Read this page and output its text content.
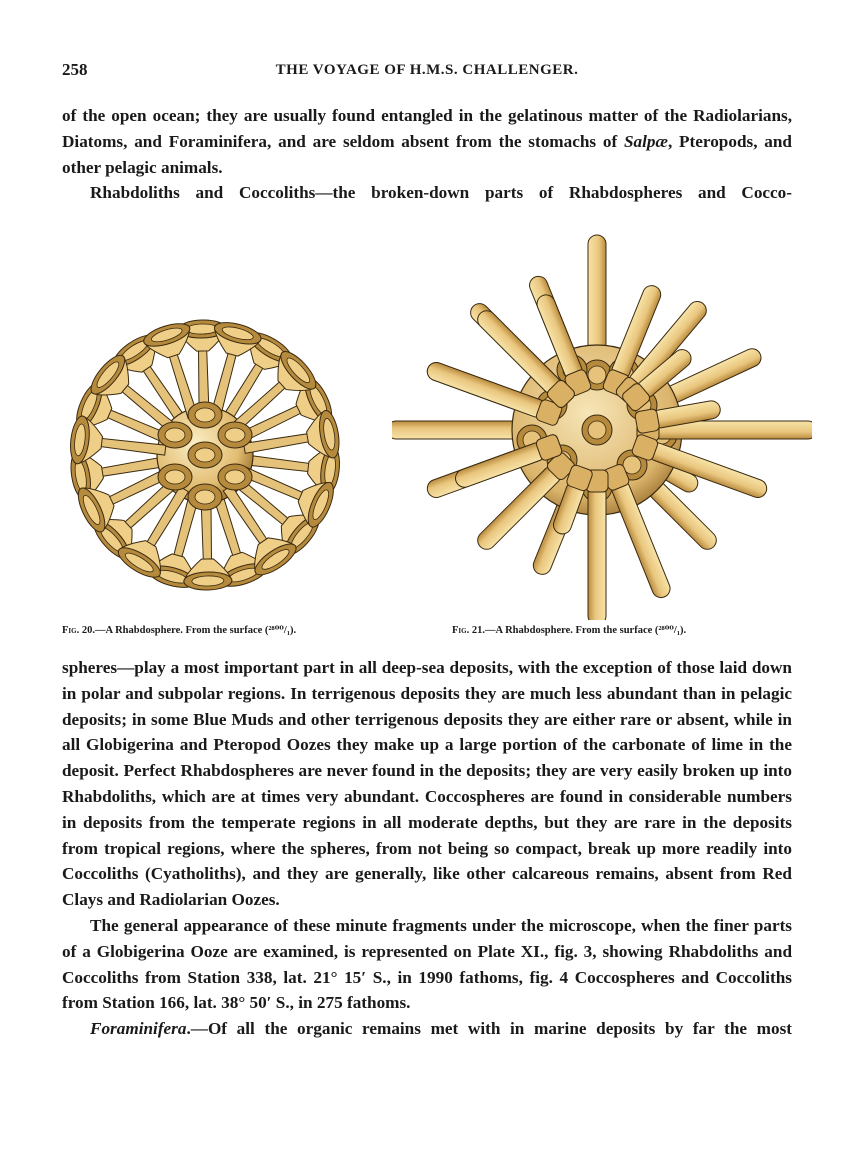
258	THE VOYAGE OF H.M.S. CHALLENGER.

of the open ocean; they are usually found entangled in the gelatinous matter of the Radiolarians, Diatoms, and Foraminifera, and are seldom absent from the stomachs of Salpæ, Pteropods, and other pelagic animals.

Rhabdoliths and Coccoliths—the broken-down parts of Rhabdospheres and Cocco-

Fig. 20.—A Rhabdosphere. From the surface (²⁸⁰⁰/₁).	Fig. 21.—A Rhabdosphere. From the surface (²⁸⁰⁰/₁).

spheres—play a most important part in all deep-sea deposits, with the exception of those laid down in polar and subpolar regions. In terrigenous deposits they are much less abundant than in pelagic deposits; in some Blue Muds and other terrigenous deposits they are either rare or absent, while in all Globigerina and Pteropod Oozes they make up a large portion of the carbonate of lime in the deposit. Perfect Rhabdospheres are never found in the deposits; they are very easily broken up into Rhabdoliths, which are at times very abundant. Coccospheres are found in considerable numbers in deposits from the temperate regions in all moderate depths, but they are rare in the deposits from tropical regions, where the spheres, from not being so compact, break up more readily into Coccoliths (Cyatholiths), and they are generally, like other calcareous remains, absent from Red Clays and Radiolarian Oozes.

The general appearance of these minute fragments under the microscope, when the finer parts of a Globigerina Ooze are examined, is represented on Plate XI., fig. 3, showing Rhabdoliths and Coccoliths from Station 338, lat. 21° 15′ S., in 1990 fathoms, fig. 4 Coccospheres and Coccoliths from Station 166, lat. 38° 50′ S., in 275 fathoms.

Foraminifera.—Of all the organic remains met with in marine deposits by far the most
